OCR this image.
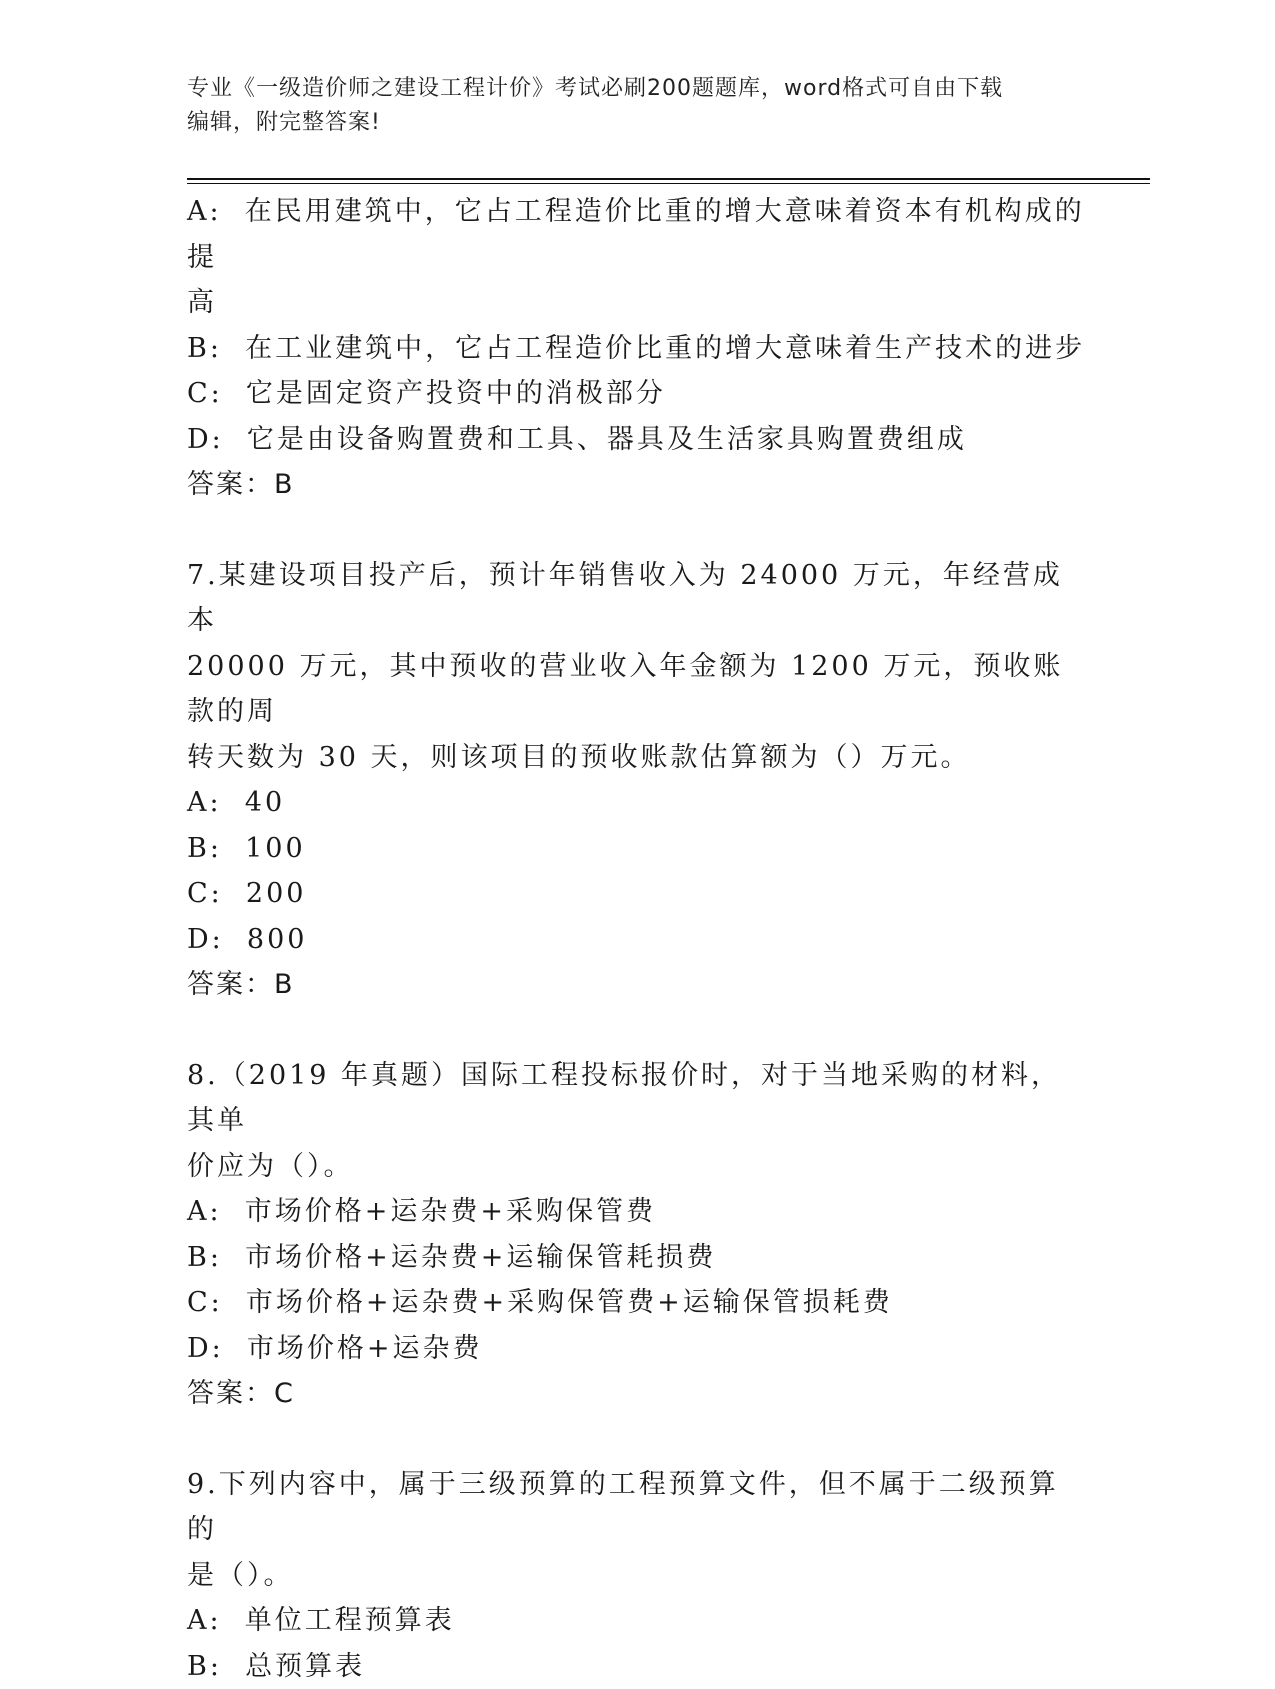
专业《一级造价师之建设工程计价》考试必刷200题题库，word格式可自由下载
编辑，附完整答案!
A:  在民用建筑中，它占工程造价比重的增大意味着资本有机构成的提
高
B:  在工业建筑中，它占工程造价比重的增大意味着生产技术的进步
C:  它是固定资产投资中的消极部分
D:  它是由设备购置费和工具、器具及生活家具购置费组成
答案：B
7.某建设项目投产后，预计年销售收入为 24000 万元，年经营成本
20000 万元，其中预收的营业收入年金额为 1200 万元，预收账款的周
转天数为 30 天，则该项目的预收账款估算额为（）万元。
A:  40
B:  100
C:  200
D:  800
答案：B
8.（2019 年真题）国际工程投标报价时，对于当地采购的材料，其单
价应为（）。
A:  市场价格+运杂费+采购保管费
B:  市场价格+运杂费+运输保管耗损费
C:  市场价格+运杂费+采购保管费+运输保管损耗费
D:  市场价格+运杂费
答案：C
9.下列内容中，属于三级预算的工程预算文件，但不属于二级预算的
是（）。
A:  单位工程预算表
B:  总预算表
